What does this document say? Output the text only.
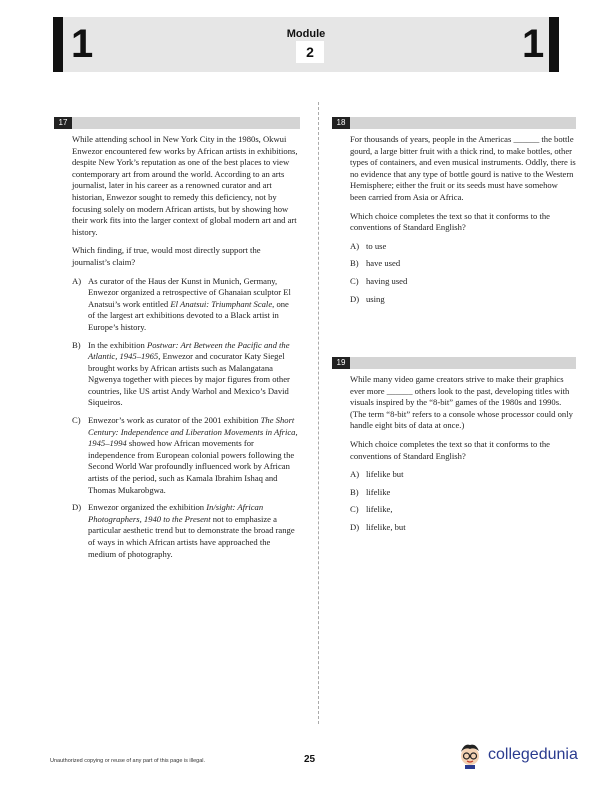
1	Module
2	1
17

While attending school in New York City in the 1980s, Okwui Enwezor encountered few works by African artists in exhibitions, despite New York’s reputation as one of the best places to view contemporary art from around the world. According to an arts journalist, later in his career as a renowned curator and art historian, Enwezor sought to remedy this deficiency, not by focusing solely on modern African artists, but by showing how their work fits into the larger context of global modern art and art history.

Which finding, if true, would most directly support the journalist’s claim?

A) As curator of the Haus der Kunst in Munich, Germany, Enwezor organized a retrospective of Ghanaian sculptor El Anatsui’s work entitled El Anatsui: Triumphant Scale, one of the largest art exhibitions devoted to a Black artist in Europe’s history.
B) In the exhibition Postwar: Art Between the Pacific and the Atlantic, 1945–1965, Enwezor and cocurator Katy Siegel brought works by African artists such as Malangatana Ngwenya together with pieces by major figures from other countries, like US artist Andy Warhol and Mexico’s David Siqueiros.
C) Enwezor’s work as curator of the 2001 exhibition The Short Century: Independence and Liberation Movements in Africa, 1945–1994 showed how African movements for independence from European colonial powers following the Second World War profoundly influenced work by African artists of the period, such as Kamala Ibrahim Ishaq and Thomas Mukarobgwa.
D) Enwezor organized the exhibition In/sight: African Photographers, 1940 to the Present not to emphasize a particular aesthetic trend but to demonstrate the broad range of ways in which African artists have approached the medium of photography.
18

For thousands of years, people in the Americas ______ the bottle gourd, a large bitter fruit with a thick rind, to make bottles, other types of containers, and even musical instruments. Oddly, there is no evidence that any type of bottle gourd is native to the Western Hemisphere; either the fruit or its seeds must have somehow been carried from Asia or Africa.

Which choice completes the text so that it conforms to the conventions of Standard English?

A) to use
B) have used
C) having used
D) using
19

While many video game creators strive to make their graphics ever more ______ others look to the past, developing titles with visuals inspired by the “8-bit” games of the 1980s and 1990s. (The term “8-bit” refers to a console whose processor could only handle eight bits of data at once.)

Which choice completes the text so that it conforms to the conventions of Standard English?

A) lifelike but
B) lifelike
C) lifelike,
D) lifelike, but
Unauthorized copying or reuse of any part of this page is illegal.	25	collegedunia
